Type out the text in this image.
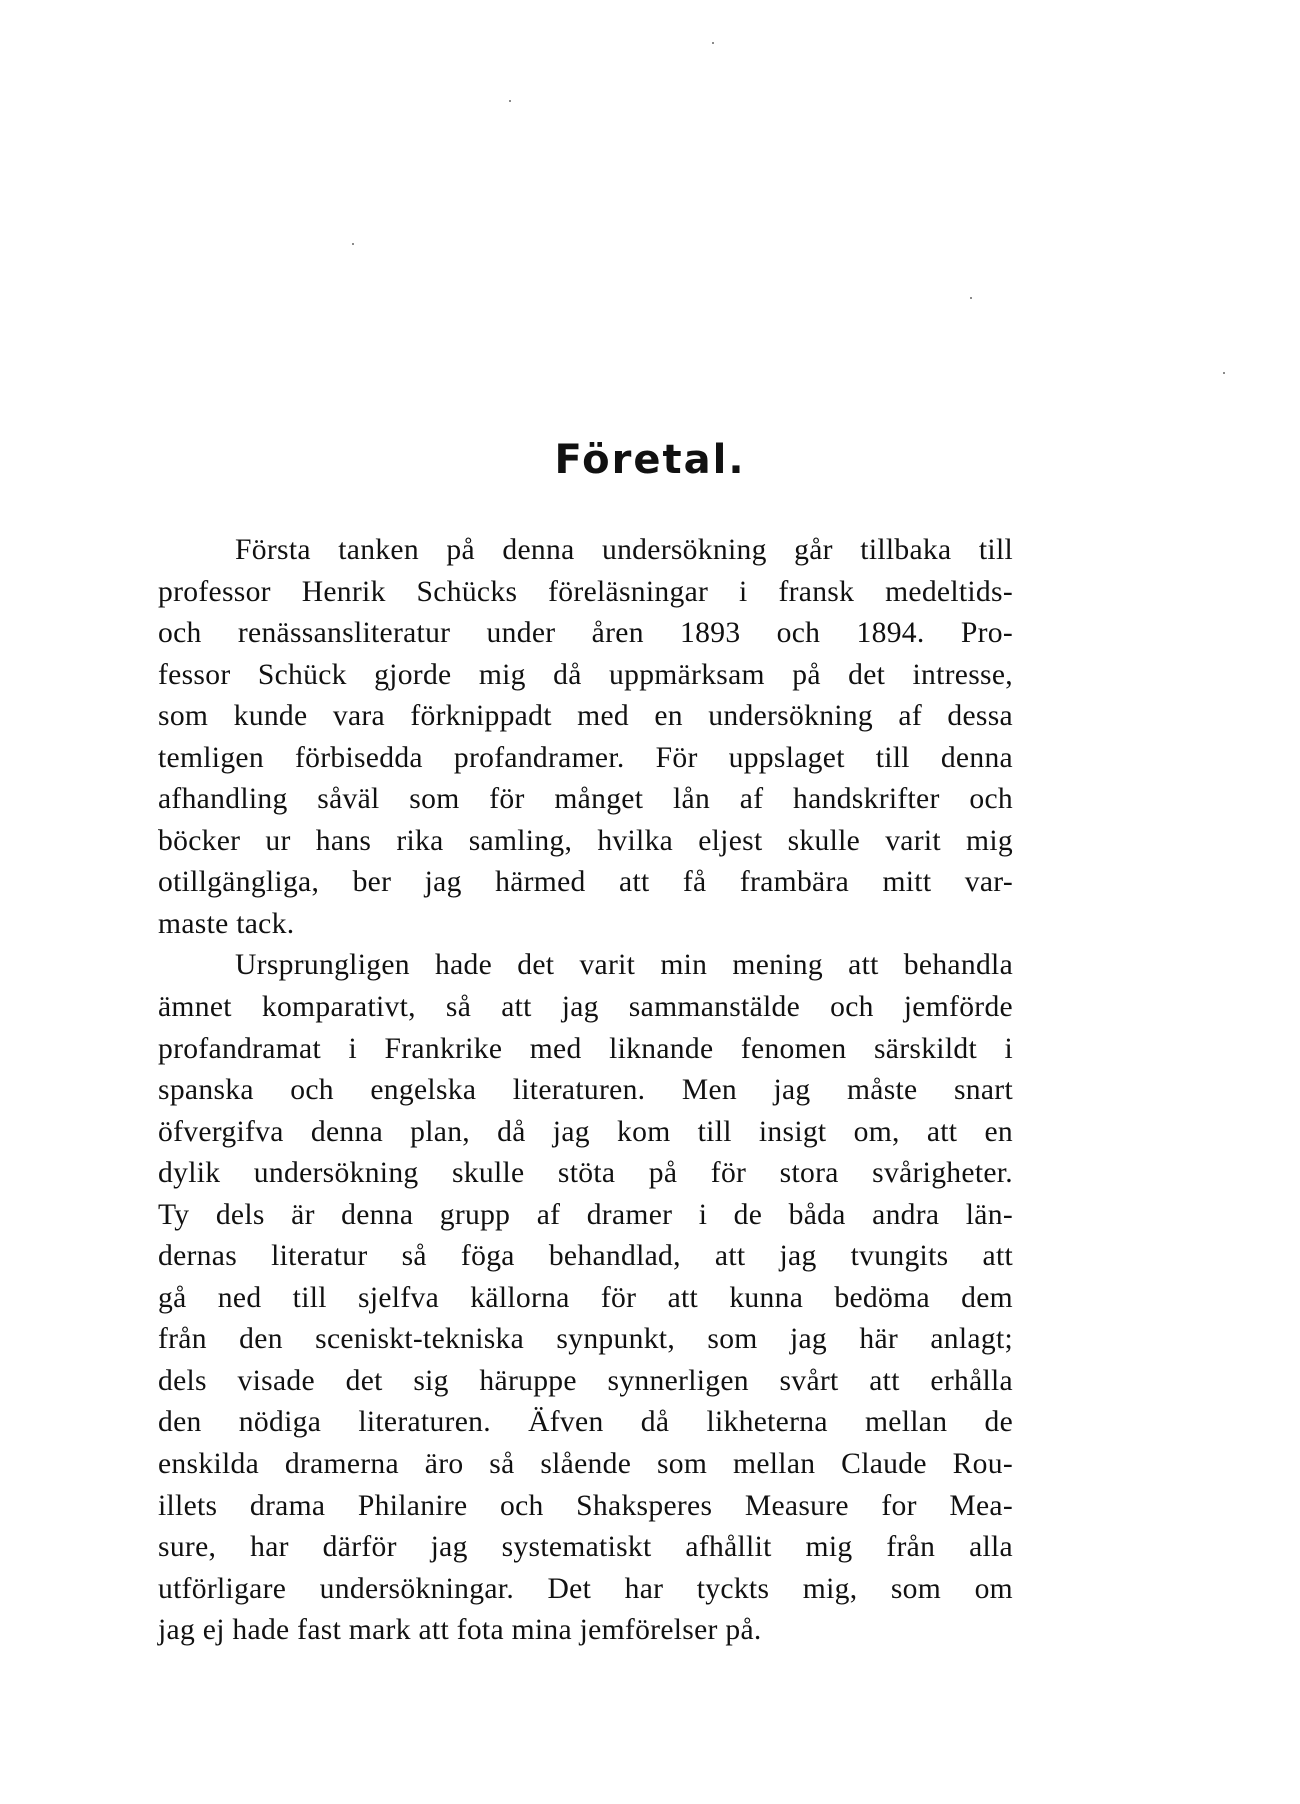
Företal.
Första tanken på denna undersökning går tillbaka till
professor Henrik Schücks föreläsningar i fransk medeltids-
och renässansliteratur under åren 1893 och 1894. Pro-
fessor Schück gjorde mig då uppmärksam på det intresse,
som kunde vara förknippadt med en undersökning af dessa
temligen förbisedda profandramer. För uppslaget till denna
afhandling såväl som för månget lån af handskrifter och
böcker ur hans rika samling, hvilka eljest skulle varit mig
otillgängliga, ber jag härmed att få frambära mitt var-
maste tack.
Ursprungligen hade det varit min mening att behandla
ämnet komparativt, så att jag sammanstälde och jemförde
profandramat i Frankrike med liknande fenomen särskildt i
spanska och engelska literaturen. Men jag måste snart
öfvergifva denna plan, då jag kom till insigt om, att en
dylik undersökning skulle stöta på för stora svårigheter.
Ty dels är denna grupp af dramer i de båda andra län-
dernas literatur så föga behandlad, att jag tvungits att
gå ned till sjelfva källorna för att kunna bedöma dem
från den sceniskt-tekniska synpunkt, som jag här anlagt;
dels visade det sig häruppe synnerligen svårt att erhålla
den nödiga literaturen. Äfven då likheterna mellan de
enskilda dramerna äro så slående som mellan Claude Rou-
illets drama Philanire och Shaksperes Measure for Mea-
sure, har därför jag systematiskt afhållit mig från alla
utförligare undersökningar. Det har tyckts mig, som om
jag ej hade fast mark att fota mina jemförelser på.
